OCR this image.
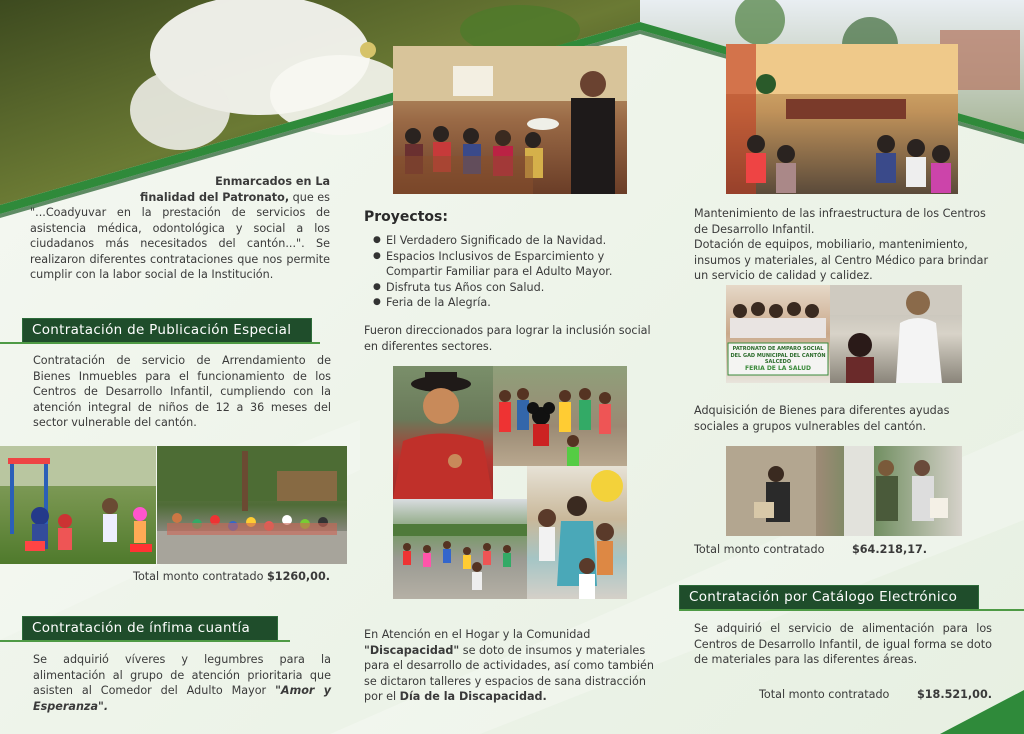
Enmarcados en La
finalidad del Patronato, que es
"...Coadyuvar en la prestación de servicios de asistencia médica, odontológica y social a los ciudadanos más necesitados del cantón...". Se realizaron diferentes contrataciones que nos permite cumplir con la labor social de la Institución.
Contratación de Publicación Especial
Contratación de servicio de Arrendamiento de Bienes Inmuebles para el funcionamiento de los Centros de Desarrollo Infantil, cumpliendo con la atención integral de niños de 12 a 36 meses del sector vulnerable del cantón.
Total monto contratado $1260,00.
Contratación de ínfima cuantía
Se adquirió víveres y legumbres para la alimentación al grupo de atención prioritaria que asisten al Comedor del Adulto Mayor "Amor y Esperanza".
Proyectos:
● El Verdadero Significado de la Navidad.
● Espacios Inclusivos de Esparcimiento y Compartir Familiar para el Adulto Mayor.
● Disfruta tus Años con Salud.
● Feria de la Alegría.
Fueron direccionados para lograr la inclusión social en diferentes sectores.
En Atención en el Hogar y la Comunidad
"Discapacidad" se doto de insumos y materiales para el desarrollo de actividades, así como también se dictaron talleres y espacios de sana distracción por el Día de la Discapacidad.
Mantenimiento de las infraestructura de los Centros de Desarrollo Infantil.
Dotación de equipos, mobiliario, mantenimiento, insumos y materiales, al Centro Médico para brindar un servicio de calidad y calidez.
PATRONATO DE AMPARO SOCIAL
DEL GAD MUNICIPAL DEL CANTÓN SALCEDO
FERIA DE LA SALUD
Adquisición de Bienes para diferentes ayudas sociales a grupos vulnerables del cantón.
Total monto contratado $64.218,17.
Contratación por Catálogo Electrónico
Se adquirió el servicio de alimentación para los Centros de Desarrollo Infantil, de igual forma se doto de materiales para las diferentes áreas.
Total monto contratado $18.521,00.
